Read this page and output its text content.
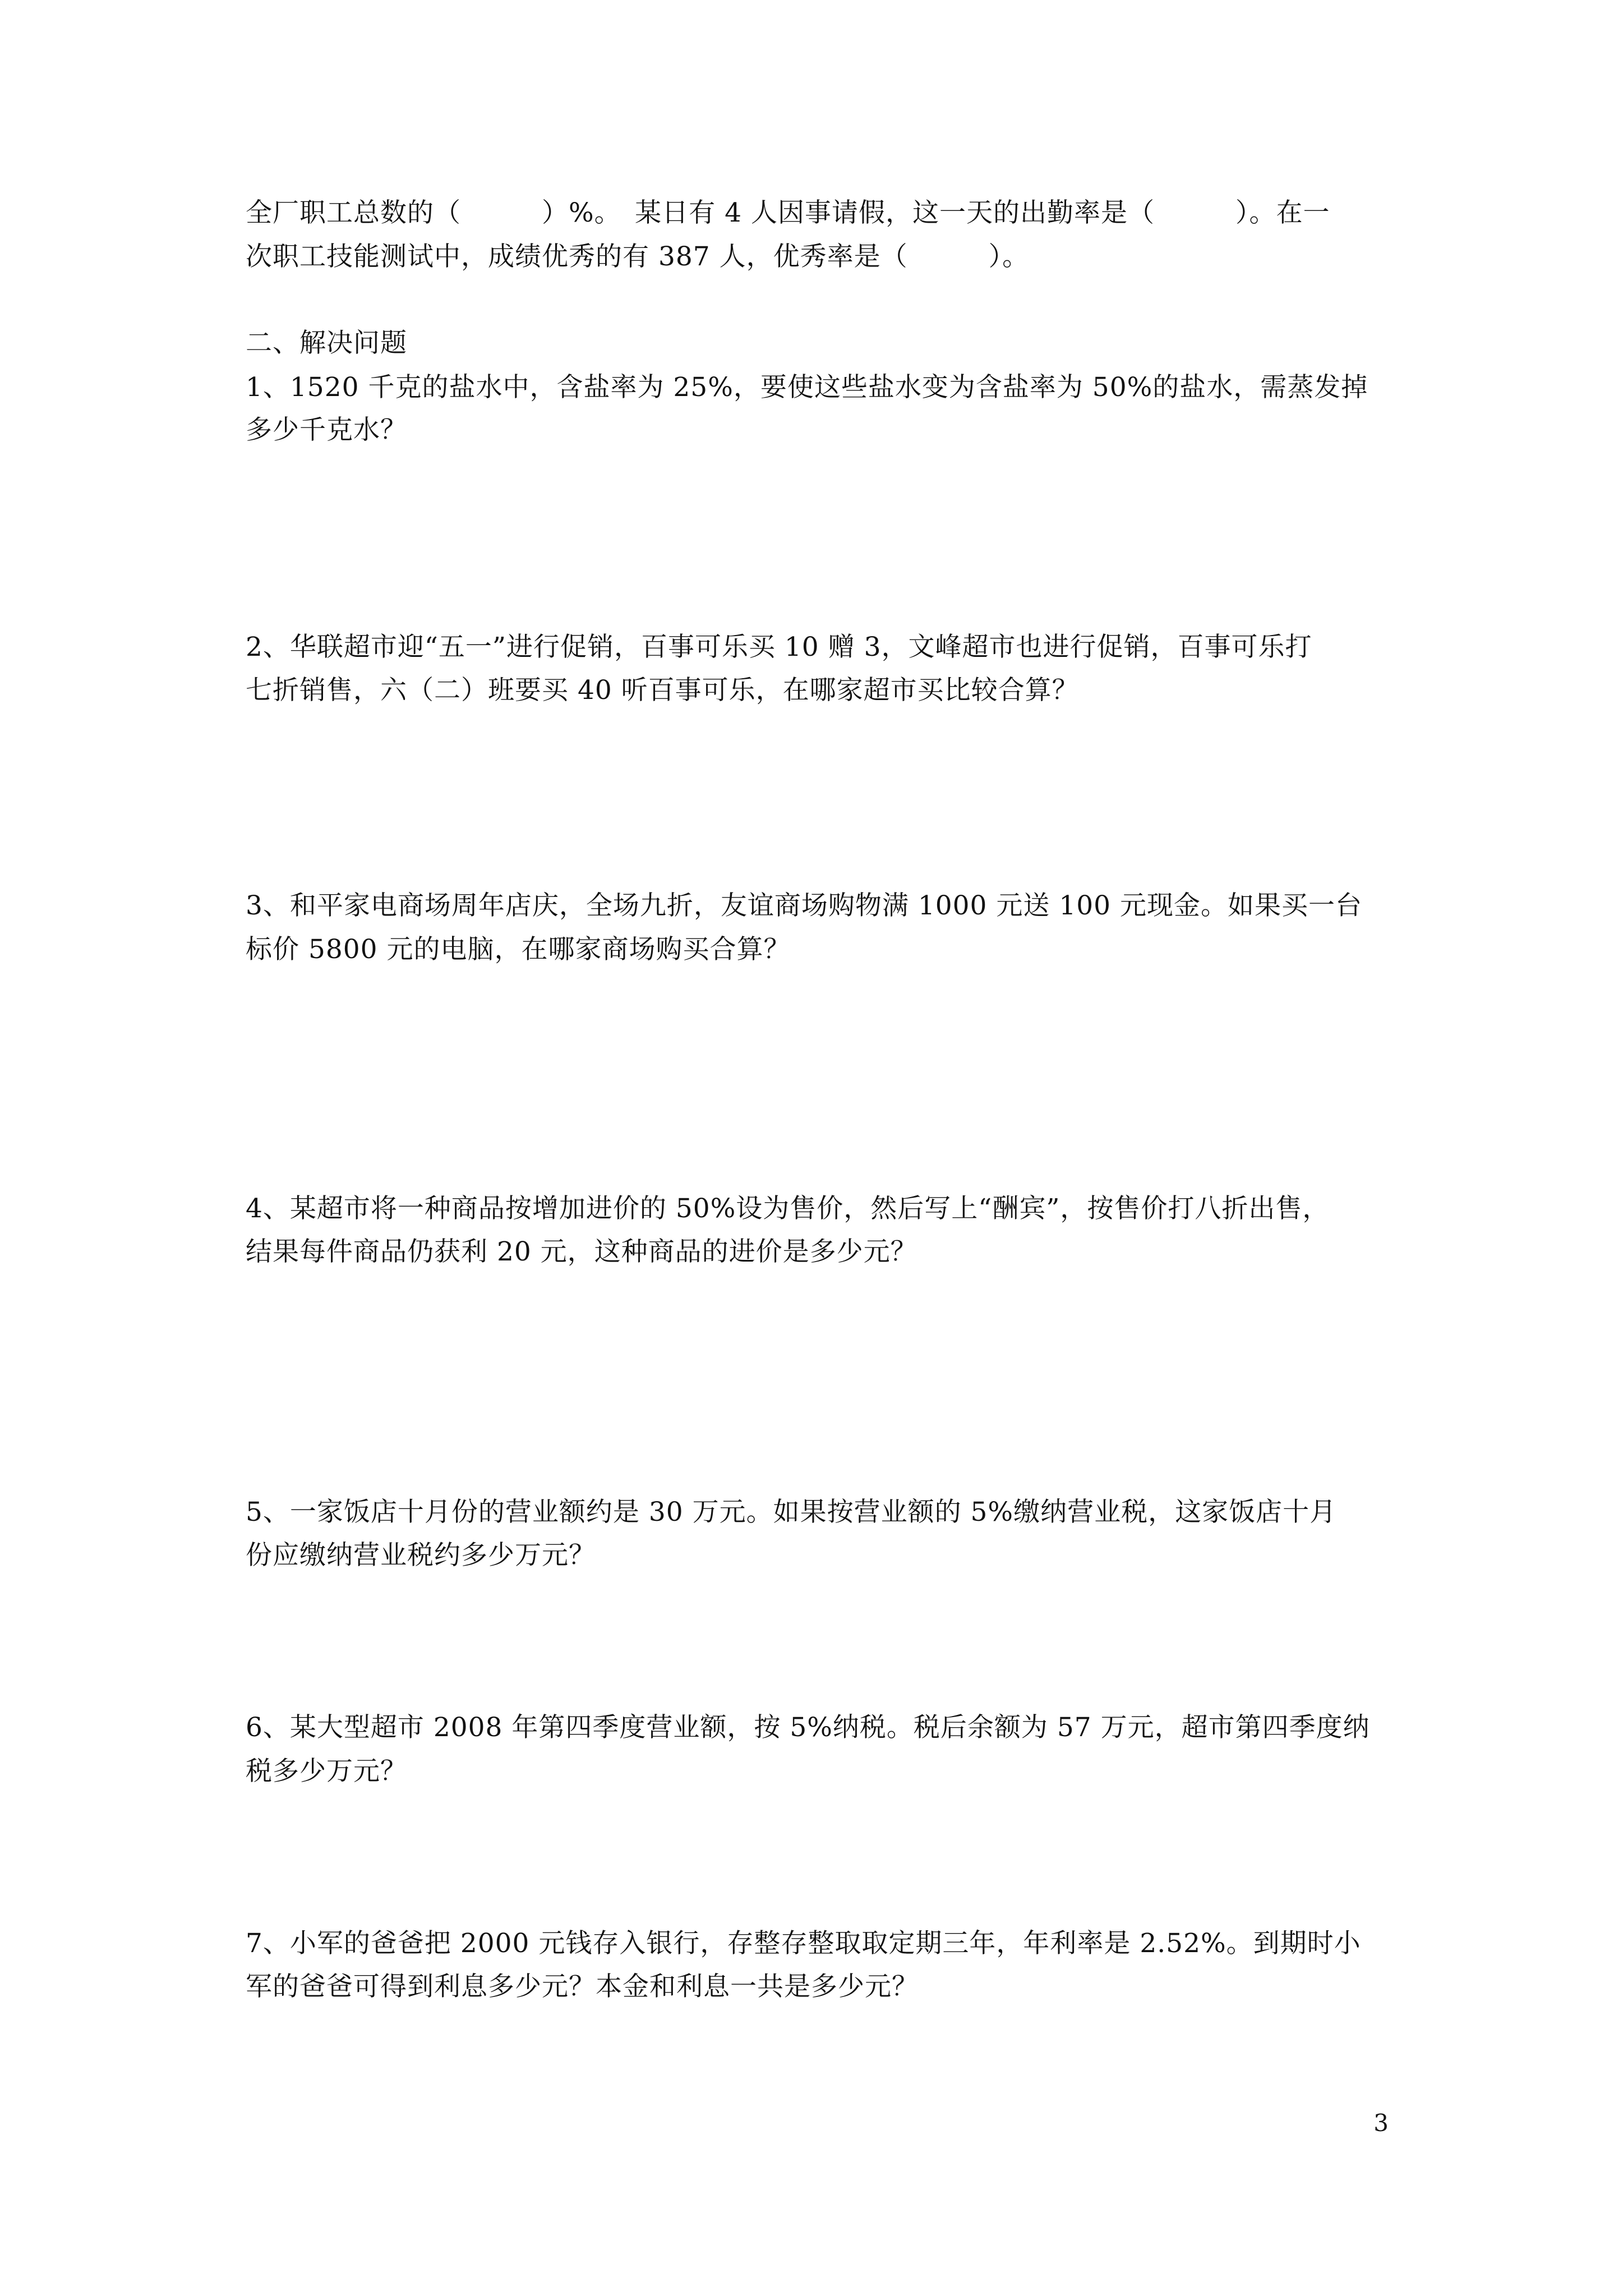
全厂职工总数的（　　　）%。　某日有 4 人因事请假，这一天的出勤率是（　　　）。在一
次职工技能测试中，成绩优秀的有 387 人，优秀率是（　　　）。
二、解决问题
1、1520 千克的盐水中，含盐率为 25%，要使这些盐水变为含盐率为 50%的盐水，需蒸发掉
多少千克水？
2、华联超市迎“五一”进行促销，百事可乐买 10 赠 3，文峰超市也进行促销，百事可乐打
七折销售，六（二）班要买 40 听百事可乐，在哪家超市买比较合算？
3、和平家电商场周年店庆，全场九折，友谊商场购物满 1000 元送 100 元现金。如果买一台
标价 5800 元的电脑，在哪家商场购买合算？
4、某超市将一种商品按增加进价的 50%设为售价，然后写上“酬宾”，按售价打八折出售，
结果每件商品仍获利 20 元，这种商品的进价是多少元？
5、一家饭店十月份的营业额约是 30 万元。如果按营业额的 5%缴纳营业税，这家饭店十月
份应缴纳营业税约多少万元？
6、某大型超市 2008 年第四季度营业额，按 5%纳税。税后余额为 57 万元，超市第四季度纳
税多少万元？
7、小军的爸爸把 2000 元钱存入银行，存整存整取取定期三年，年利率是 2.52%。到期时小
军的爸爸可得到利息多少元？本金和利息一共是多少元？
3
